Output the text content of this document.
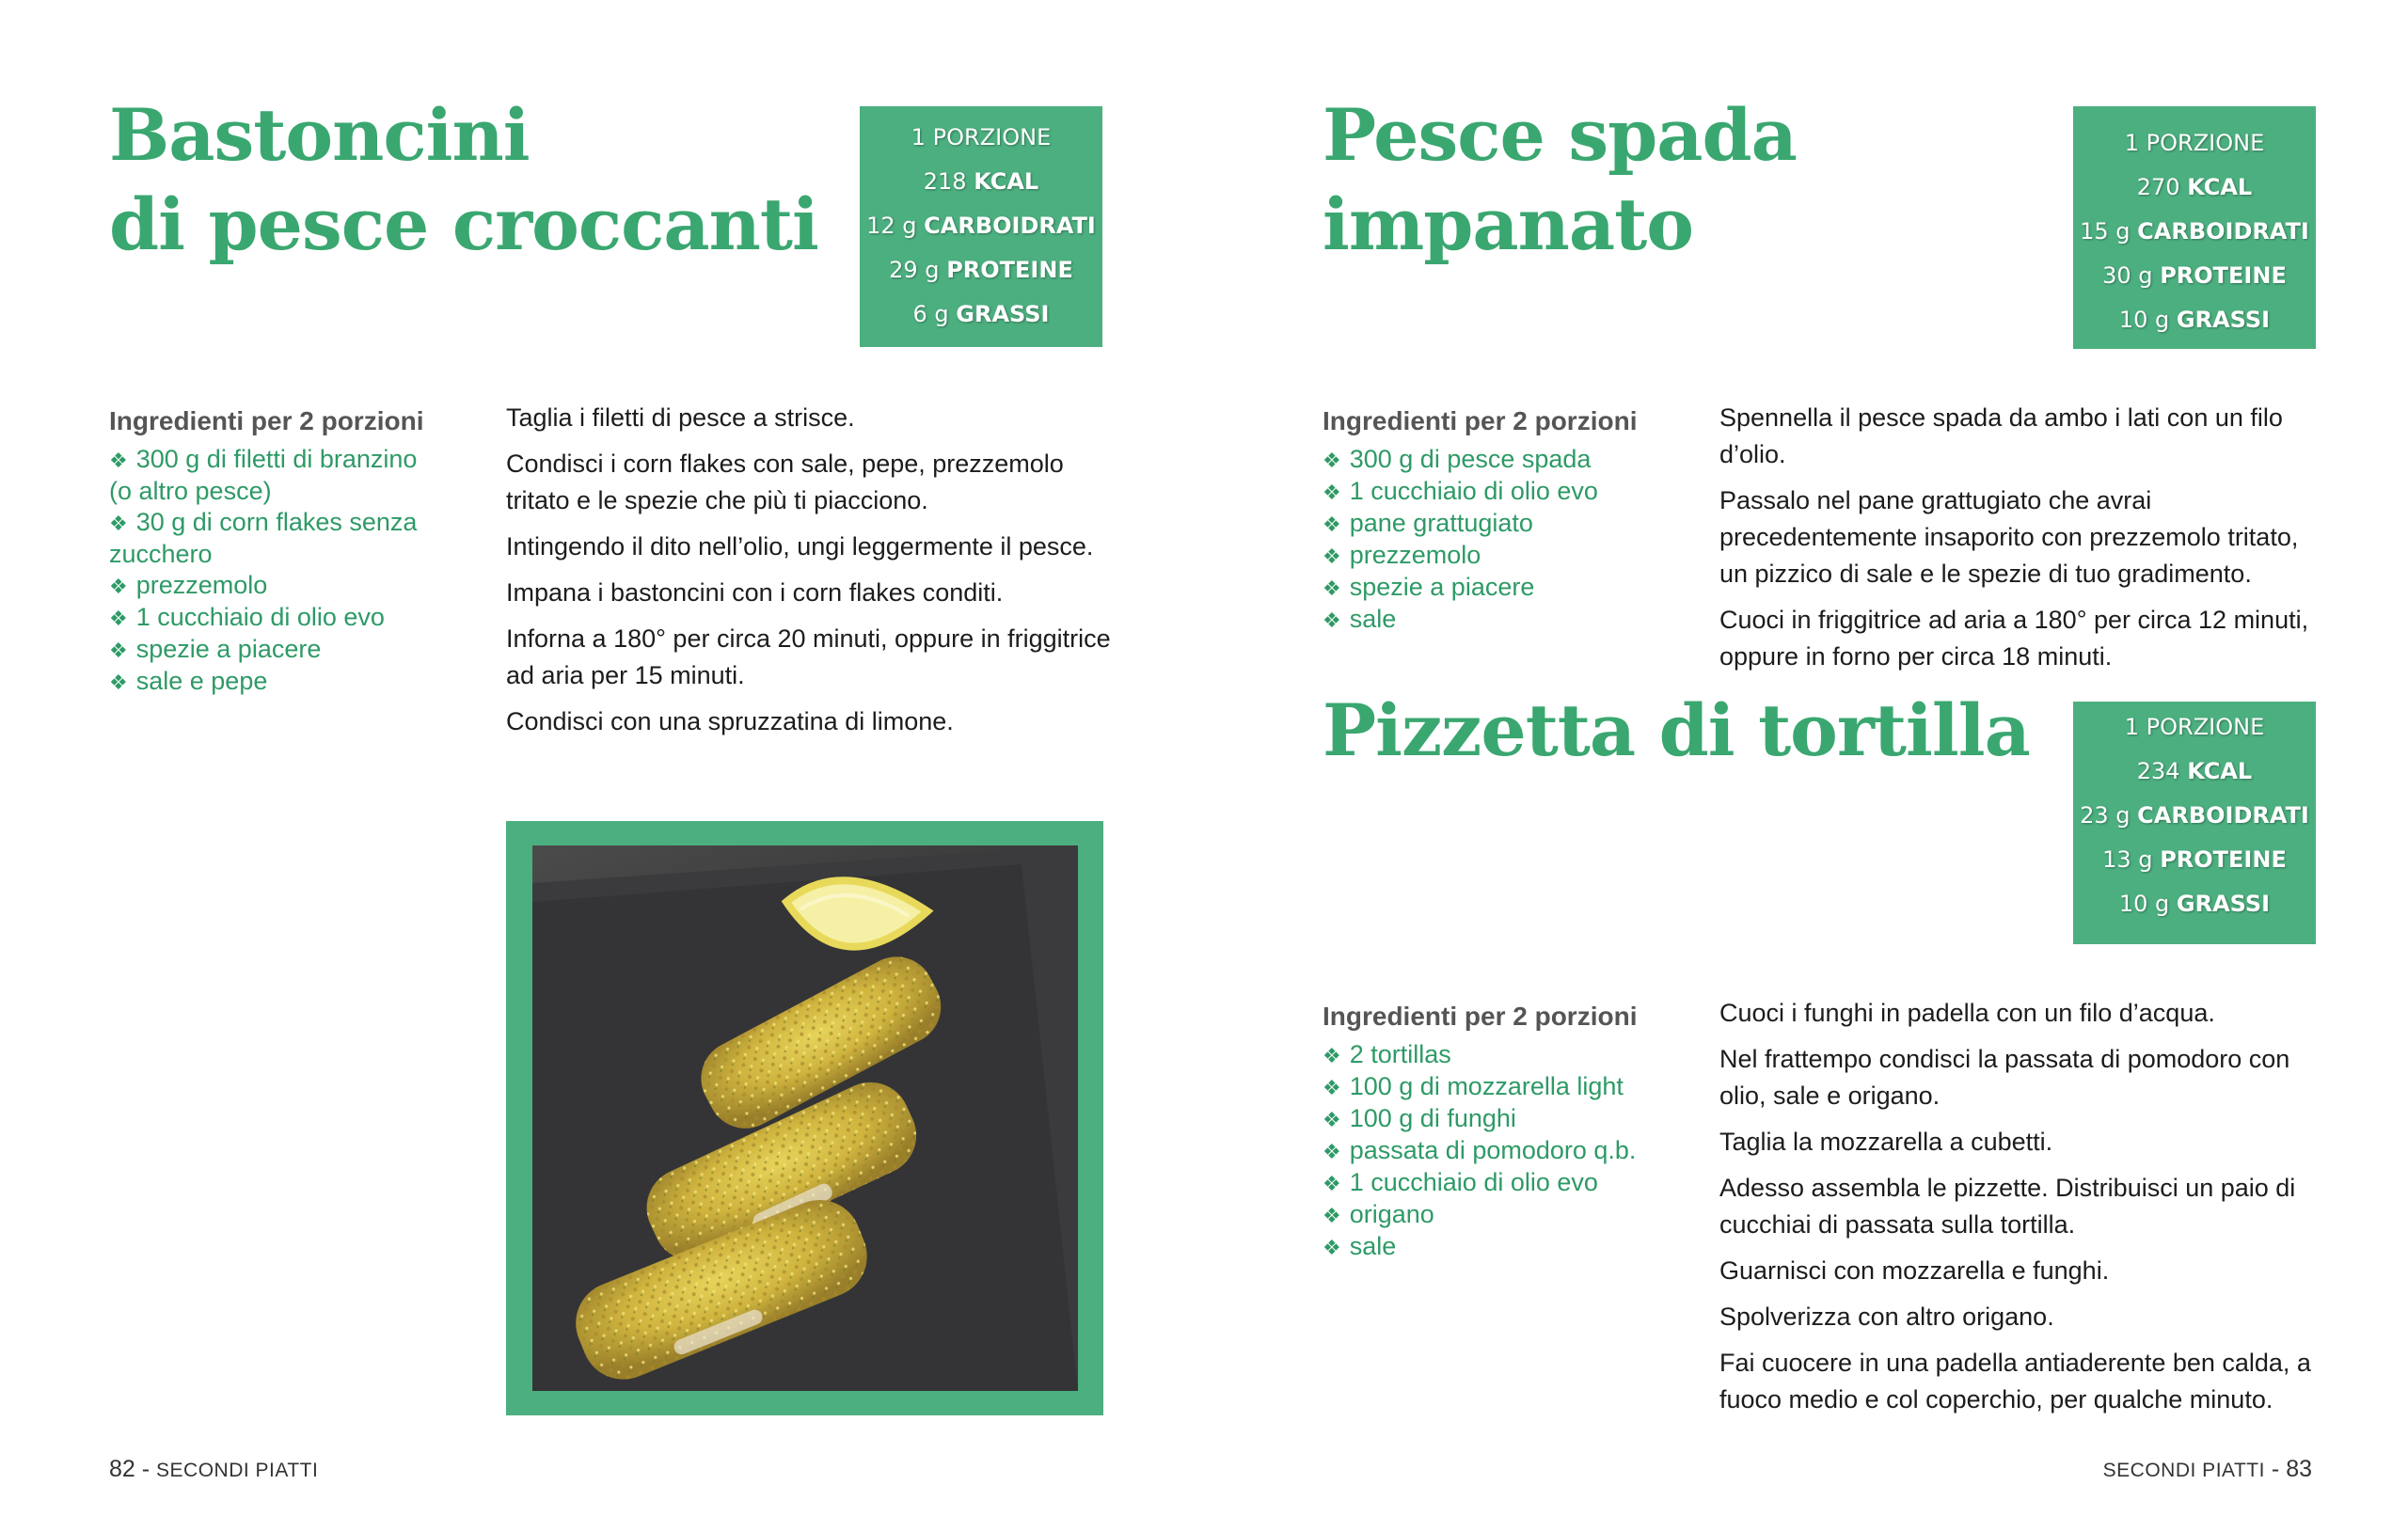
Bastoncini
di pesce croccanti
1 PORZIONE
218 KCAL
12 g CARBOIDRATI
29 g PROTEINE
6 g GRASSI
Ingredienti per 2 porzioni
❖ 300 g di filetti di branzino
(o altro pesce)
❖ 30 g di corn flakes senza
zucchero
❖ prezzemolo
❖ 1 cucchiaio di olio evo
❖ spezie a piacere
❖ sale e pepe

Taglia i filetti di pesce a strisce.

Condisci i corn flakes con sale, pepe, prezzemolo tritato e le spezie che più ti piacciono.

Intingendo il dito nell’olio, ungi leggermente il pesce.

Impana i bastoncini con i corn flakes conditi.

Inforna a 180° per circa 20 minuti, oppure in friggitrice ad aria per 15 minuti.

Condisci con una spruzzatina di limone.

82 - SECONDI PIATTI
Pesce spada
impanato
1 PORZIONE
270 KCAL
15 g CARBOIDRATI
30 g PROTEINE
10 g GRASSI
Ingredienti per 2 porzioni
❖ 300 g di pesce spada
❖ 1 cucchiaio di olio evo
❖ pane grattugiato
❖ prezzemolo
❖ spezie a piacere
❖ sale

Spennella il pesce spada da ambo i lati con un filo d’olio.

Passalo nel pane grattugiato che avrai precedentemente insaporito con prezzemolo tritato, un pizzico di sale e le spezie di tuo gradimento.

Cuoci in friggitrice ad aria a 180° per circa 12 minuti, oppure in forno per circa 18 minuti.

Pizzetta di tortilla	1 PORZIONE
234 KCAL
23 g CARBOIDRATI
13 g PROTEINE
10 g GRASSI
Ingredienti per 2 porzioni
❖ 2 tortillas
❖ 100 g di mozzarella light
❖ 100 g di funghi
❖ passata di pomodoro q.b.
❖ 1 cucchiaio di olio evo
❖ origano
❖ sale

Cuoci i funghi in padella con un filo d’acqua.

Nel frattempo condisci la passata di pomodoro con olio, sale e origano.

Taglia la mozzarella a cubetti.

Adesso assembla le pizzette. Distribuisci un paio di cucchiai di passata sulla tortilla.

Guarnisci con mozzarella e funghi.

Spolverizza con altro origano.

Fai cuocere in una padella antiaderente ben calda, a fuoco medio e col coperchio, per qualche minuto.

SECONDI PIATTI - 83
